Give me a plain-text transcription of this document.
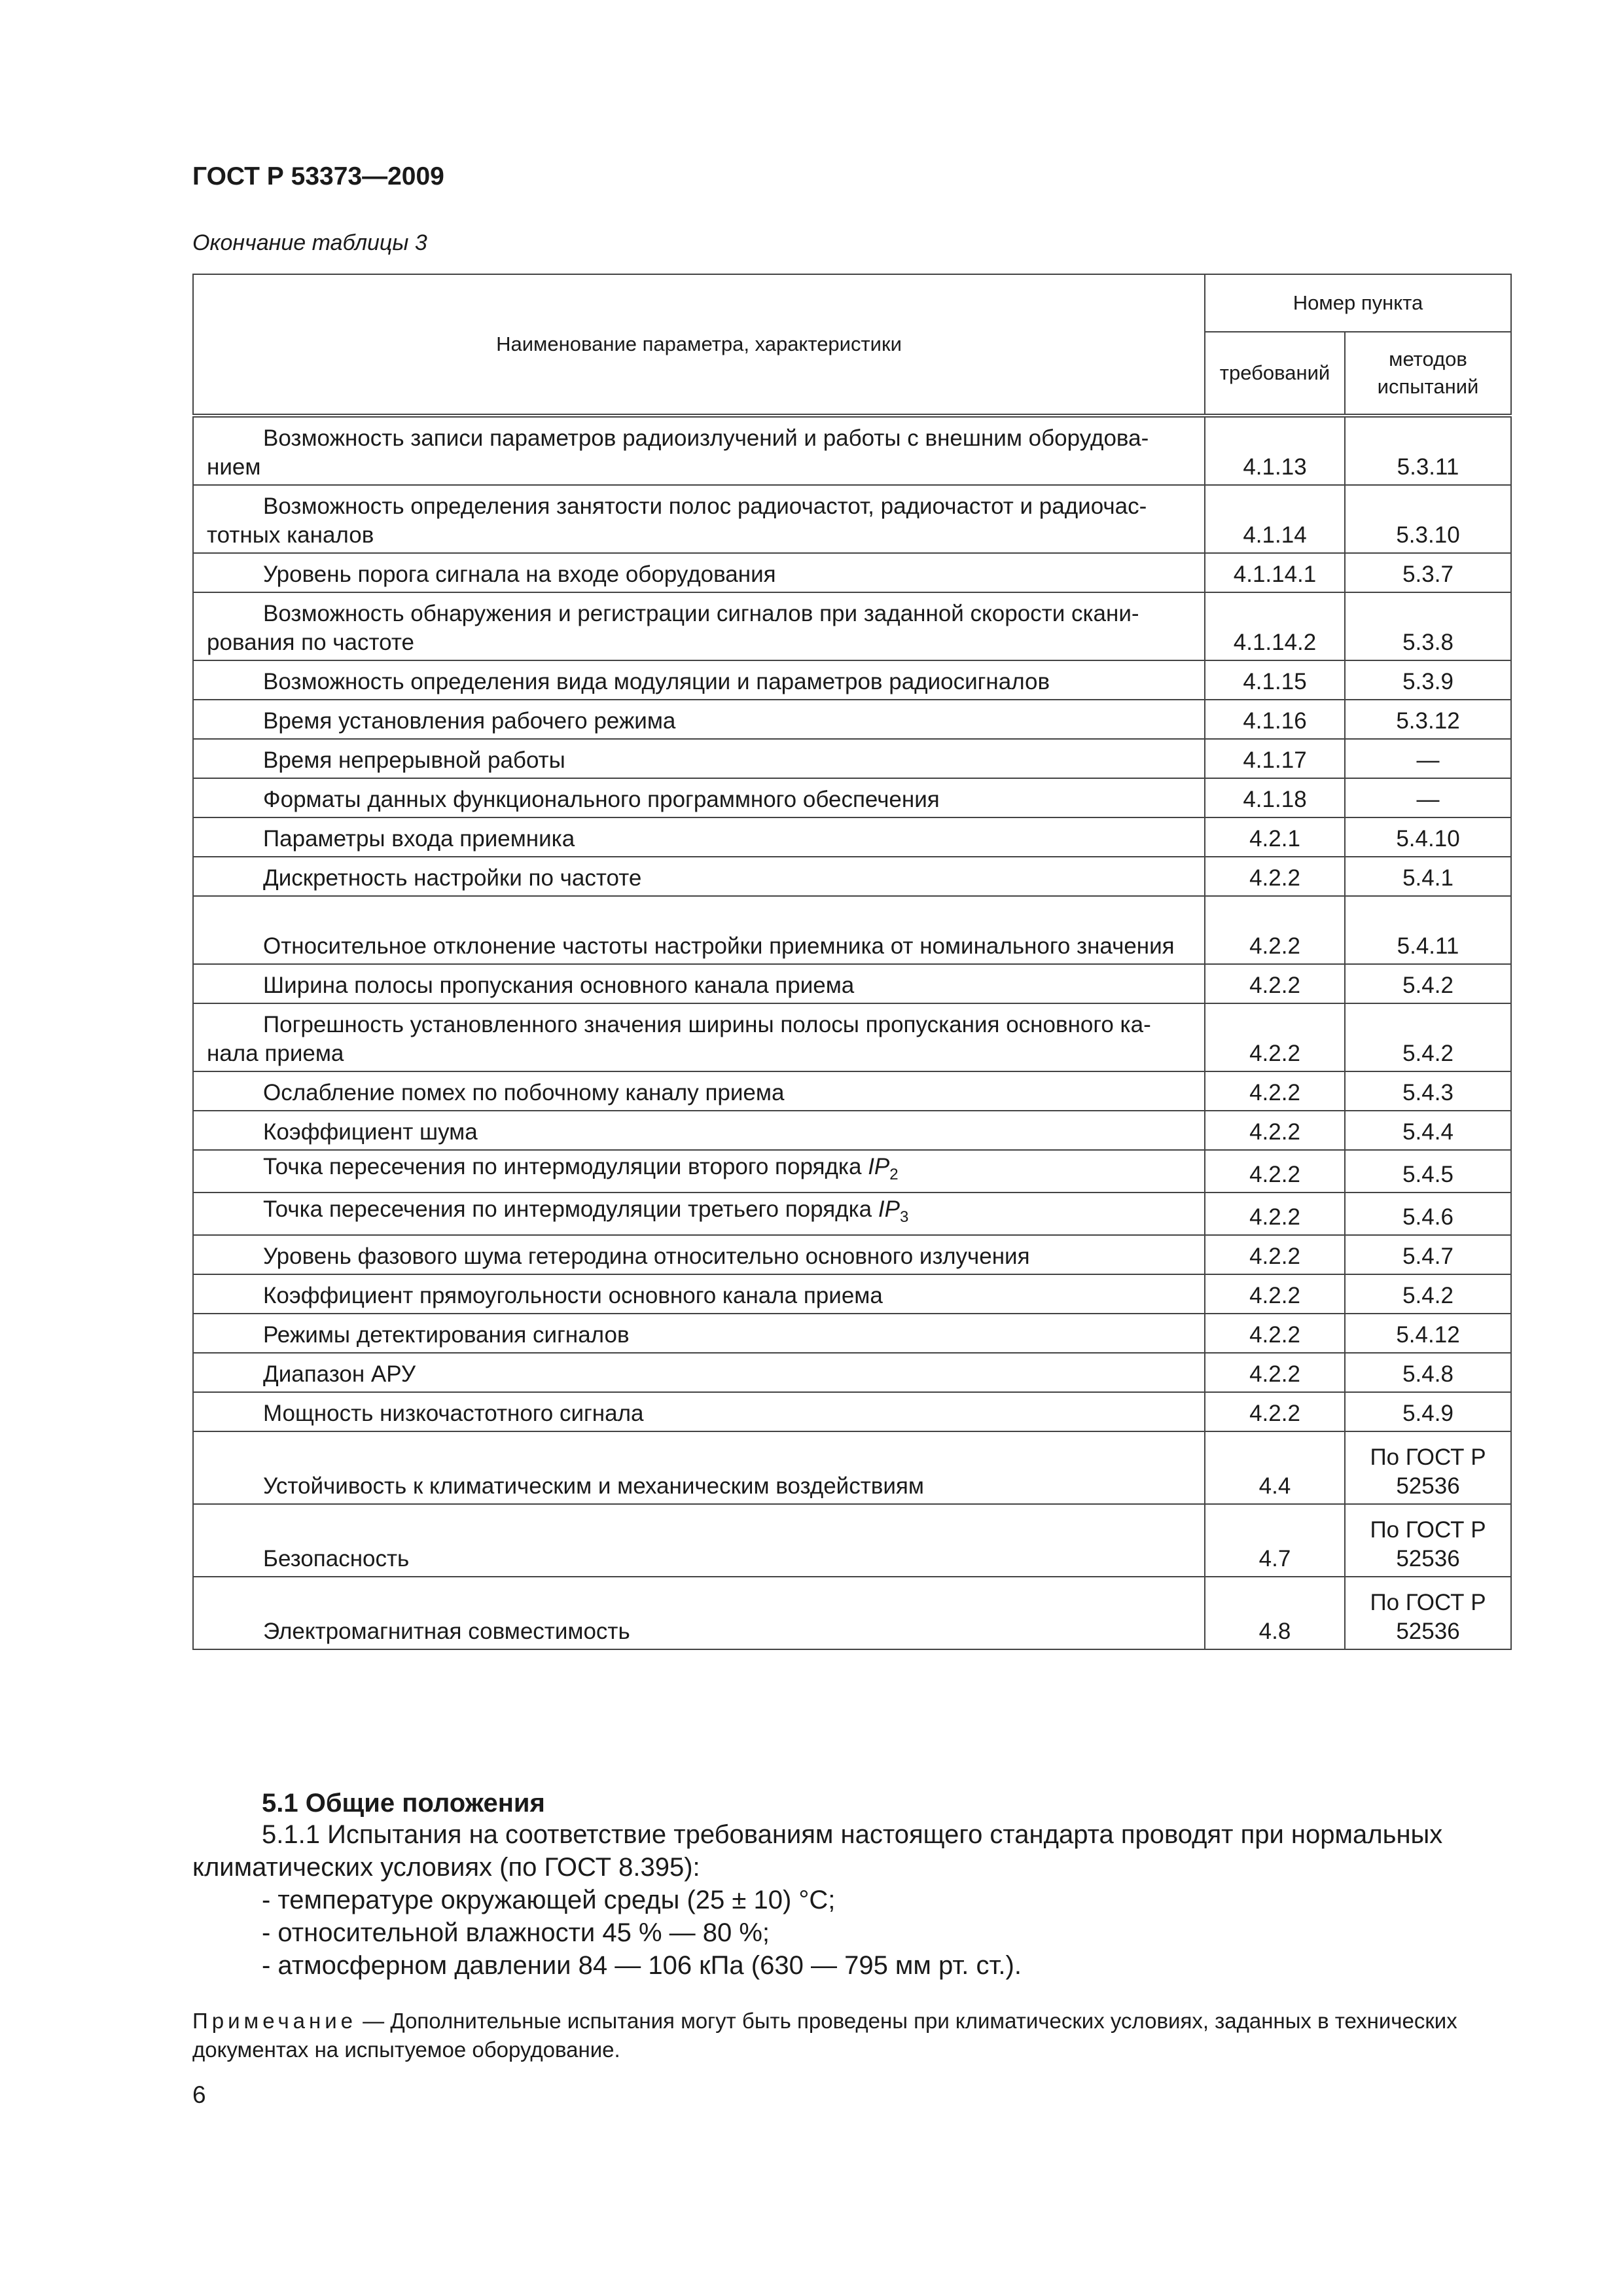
ГОСТ Р 53373—2009
Окончание таблицы 3
Наименование параметра, характеристики	Номер пункта	
	требований	методов испытаний

Возможность записи параметров радиоизлучений и работы с внешним оборудованием	4.1.13	5.3.11

Возможность определения занятости полос радиочастот, радиочастот и радиочастотных каналов	4.1.14	5.3.10

Уровень порога сигнала на входе оборудования	4.1.14.1	5.3.7

Возможность обнаружения и регистрации сигналов при заданной скорости сканирования по частоте	4.1.14.2	5.3.8

Возможность определения вида модуляции и параметров радиосигналов	4.1.15	5.3.9

Время установления рабочего режима	4.1.16	5.3.12

Время непрерывной работы	4.1.17	—

Форматы данных функционального программного обеспечения	4.1.18	—

Параметры входа приемника	4.2.1	5.4.10

Дискретность настройки по частоте	4.2.2	5.4.1

Относительное отклонение частоты настройки приемника от номинального значения	4.2.2	5.4.11

Ширина полосы пропускания основного канала приема	4.2.2	5.4.2

Погрешность установленного значения ширины полосы пропускания основного канала приема	4.2.2	5.4.2

Ослабление помех по побочному каналу приема	4.2.2	5.4.3

Коэффициент шума	4.2.2	5.4.4

Точка пересечения по интермодуляции второго порядка $IP_2$	4.2.2	5.4.5

Точка пересечения по интермодуляции третьего порядка $IP_3$	4.2.2	5.4.6

Уровень фазового шума гетеродина относительно основного излучения	4.2.2	5.4.7

Коэффициент прямоугольности основного канала приема	4.2.2	5.4.2

Режимы детектирования сигналов	4.2.2	5.4.12

Диапазон АРУ	4.2.2	5.4.8

Мощность низкочастотного сигнала	4.2.2	5.4.9

Устойчивость к климатическим и механическим воздействиям	4.4	По ГОСТ Р 52536

Безопасность	4.7	По ГОСТ Р 52536

Электромагнитная совместимость	4.8	По ГОСТ Р 52536
5.1 Общие положения
5.1.1 Испытания на соответствие требованиям настоящего стандарта проводят при нормальных климатических условиях (по ГОСТ 8.395):
- температуре окружающей среды (25 ± 10) °С;
- относительной влажности 45 % — 80 %;
- атмосферном давлении 84 — 106 кПа (630 — 795 мм рт. ст.).
Примечание — Дополнительные испытания могут быть проведены при климатических условиях, заданных в технических документах на испытуемое оборудование.
6
